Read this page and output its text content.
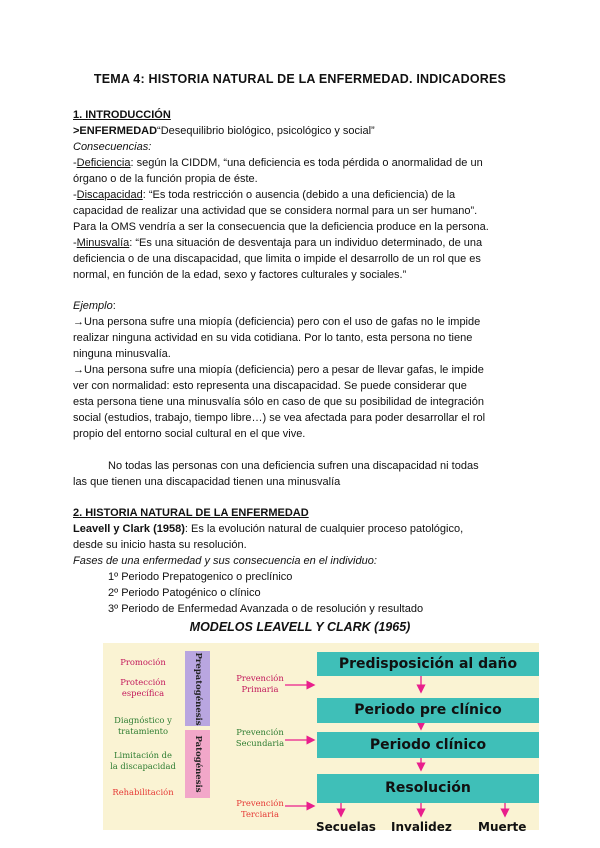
TEMA 4: HISTORIA NATURAL DE LA ENFERMEDAD. INDICADORES
1. INTRODUCCIÓN
>ENFERMEDAD“Desequilibrio biológico, psicológico y social”
Consecuencias:
-Deficiencia: según la CIDDM, “una deficiencia es toda pérdida o anormalidad de un
órgano o de la función propia de éste.
-Discapacidad: “Es toda restricción o ausencia (debido a una deficiencia) de la
capacidad de realizar una actividad que se considera normal para un ser humano”.
Para la OMS vendría a ser la consecuencia que la deficiencia produce en la persona.
-Minusvalía: “Es una situación de desventaja para un individuo determinado, de una
deficiencia o de una discapacidad, que limita o impide el desarrollo de un rol que es
normal, en función de la edad, sexo y factores culturales y sociales.”
Ejemplo:
→Una persona sufre una miopía (deficiencia) pero con el uso de gafas no le impide
realizar ninguna actividad en su vida cotidiana. Por lo tanto, esta persona no tiene
ninguna minusvalía.
→Una persona sufre una miopía (deficiencia) pero a pesar de llevar gafas, le impide
ver con normalidad: esto representa una discapacidad. Se puede considerar que
esta persona tiene una minusvalía sólo en caso de que su posibilidad de integración
social (estudios, trabajo, tiempo libre…) se vea afectada para poder desarrollar el rol
propio del entorno social cultural en el que vive.
No todas las personas con una deficiencia sufren una discapacidad ni todas
las que tienen una discapacidad tienen una minusvalía
2. HISTORIA NATURAL DE LA ENFERMEDAD
Leavell y Clark (1958): Es la evolución natural de cualquier proceso patológico,
desde su inicio hasta su resolución.
Fases de una enfermedad y sus consecuencia en el individuo:
1º Periodo Prepatogenico o preclínico
2º Periodo Patogénico o clínico
3º Periodo de Enfermedad Avanzada o de resolución y resultado
MODELOS LEAVELL Y CLARK (1965)
Promoción
Protección
específica
Diagnóstico y
tratamiento
Limitación de
la discapacidad
Rehabilitación
Prepatogénesis
Patogénesis
Prevención
Primaria
Prevención
Secundaria
Prevención
Terciaria
Predisposición al daño
Periodo pre clínico
Periodo clínico
Resolución
Secuelas Invalidez Muerte
